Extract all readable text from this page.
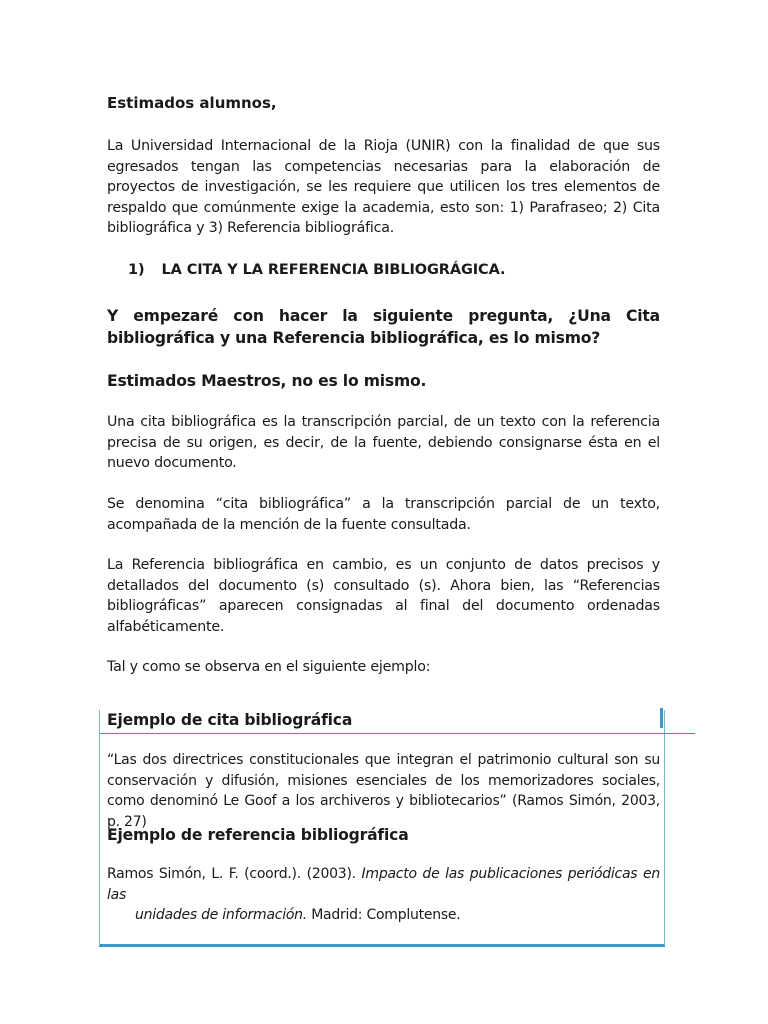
Estimados alumnos,
La Universidad Internacional de la Rioja (UNIR) con la finalidad de que sus egresados tengan las competencias necesarias para la elaboración de proyectos de investigación, se les requiere que utilicen los tres elementos de respaldo que comúnmente exige la academia, esto son: 1) Parafraseo; 2) Cita bibliográfica y 3) Referencia bibliográfica.
1) LA CITA Y LA REFERENCIA BIBLIOGRÁGICA.
Y empezaré con hacer la siguiente pregunta, ¿Una Cita bibliográfica y una Referencia bibliográfica, es lo mismo?
Estimados Maestros, no es lo mismo.
Una cita bibliográfica es la transcripción parcial, de un texto con la referencia precisa de su origen, es decir, de la fuente, debiendo consignarse ésta en el nuevo documento.
Se denomina “cita bibliográfica” a la transcripción parcial de un texto, acompañada de la mención de la fuente consultada.
La Referencia bibliográfica en cambio, es un conjunto de datos precisos y detallados del documento (s) consultado (s). Ahora bien, las “Referencias bibliográficas” aparecen consignadas al final del documento ordenadas alfabéticamente.
Tal y como se observa en el siguiente ejemplo:
Ejemplo de cita bibliográfica
“Las dos directrices constitucionales que integran el patrimonio cultural son su conservación y difusión, misiones esenciales de los memorizadores sociales, como denominó Le Goof a los archiveros y bibliotecarios” (Ramos Simón, 2003, p. 27)
Ejemplo de referencia bibliográfica
Ramos Simón, L. F. (coord.). (2003). Impacto de las publicaciones periódicas en las
unidades de información. Madrid: Complutense.
